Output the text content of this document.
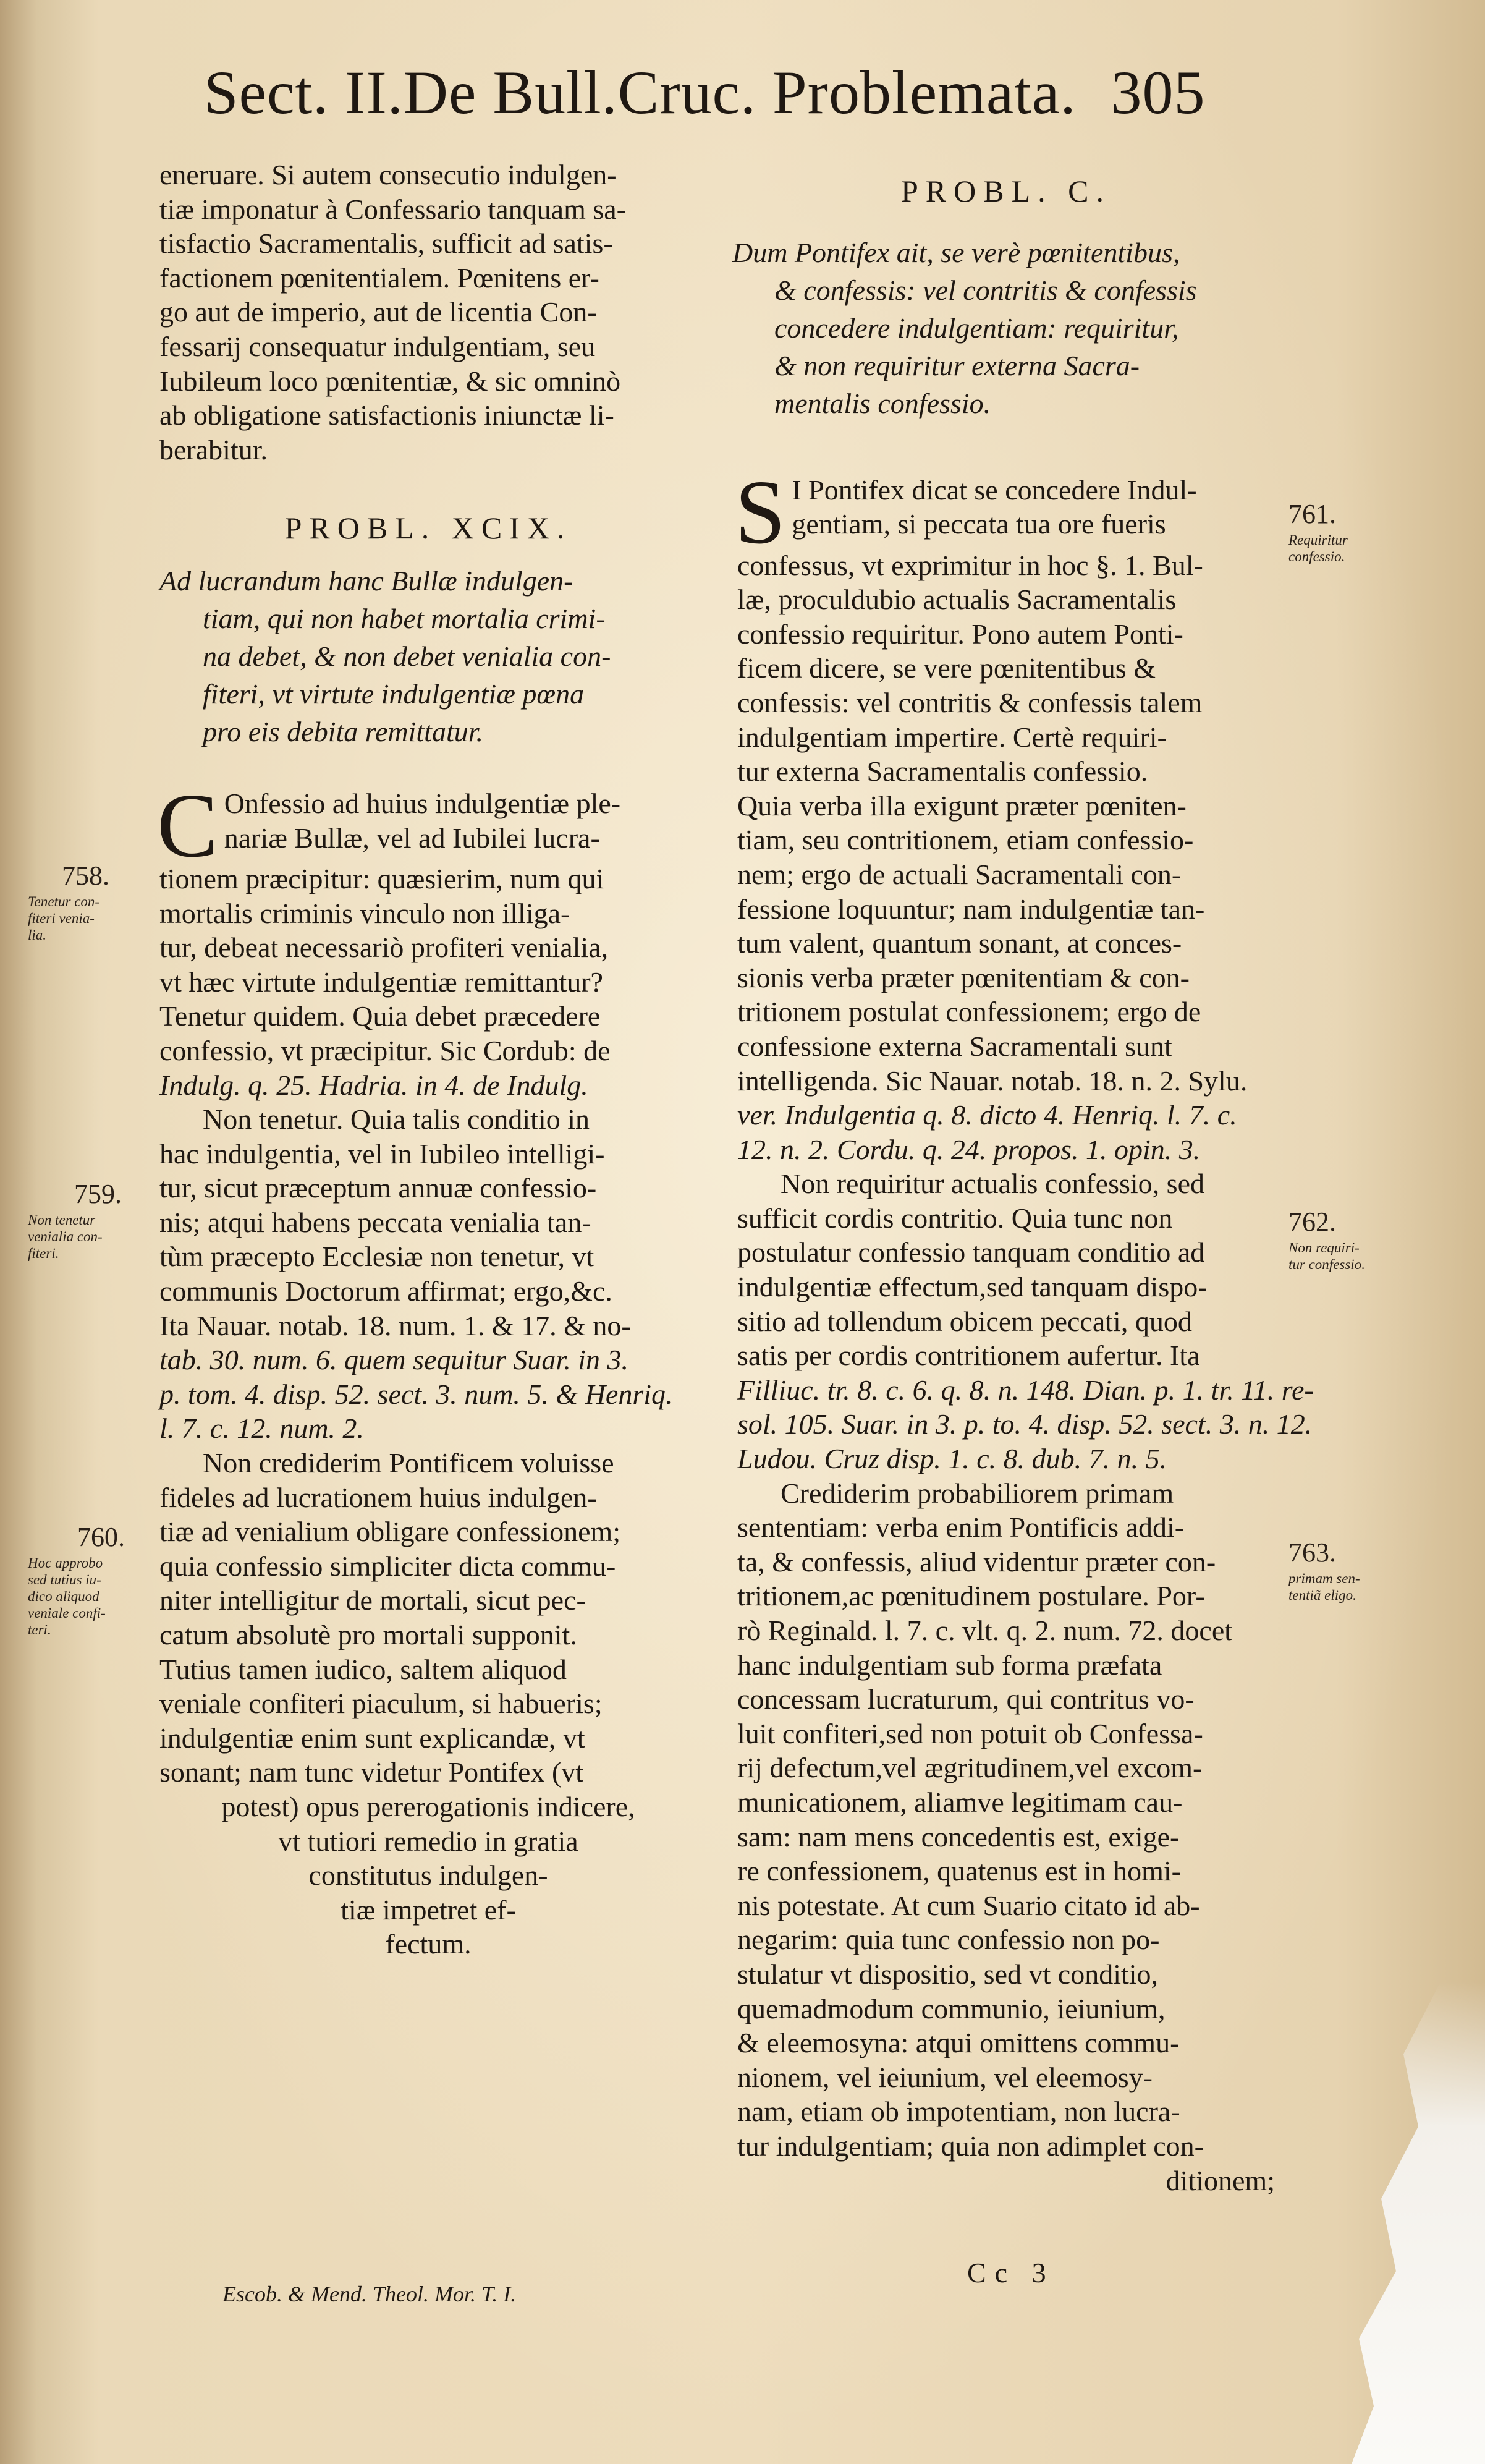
Sect. II.De Bull.Cruc. Problemata. 305
eneruare. Si autem consecutio indulgen-
tiæ imponatur à Confessario tanquam sa-
tisfactio Sacramentalis, sufficit ad satis-
factionem pœnitentialem. Pœnitens er-
go aut de imperio, aut de licentia Con-
fessarij consequatur indulgentiam, seu
Iubileum loco pœnitentiæ, & sic omninò
ab obligatione satisfactionis iniunctæ li-
berabitur.
PROBL. XCIX.
Ad lucrandum hanc Bullæ indulgen-
tiam, qui non habet mortalia crimi-
na debet, & non debet venialia con-
fiteri, vt virtute indulgentiæ pœna
pro eis debita remittatur.
C Onfessio ad huius indulgentiæ ple-
nariæ Bullæ, vel ad Iubilei lucra-
tionem præcipitur: quæsierim, num qui
mortalis criminis vinculo non illiga-
tur, debeat necessariò profiteri venialia,
vt hæc virtute indulgentiæ remittantur?
Tenetur quidem. Quia debet præcedere
confessio, vt præcipitur. Sic Cordub: de
Indulg. q. 25. Hadria. in 4. de Indulg.
Non tenetur. Quia talis conditio in
hac indulgentia, vel in Iubileo intelligi-
tur, sicut præceptum annuæ confessio-
nis; atqui habens peccata venialia tan-
tùm præcepto Ecclesiæ non tenetur, vt
communis Doctorum affirmat; ergo,&c.
Ita Nauar. notab. 18. num. 1. & 17. & no-
tab. 30. num. 6. quem sequitur Suar. in 3.
p. tom. 4. disp. 52. sect. 3. num. 5. & Henriq.
l. 7. c. 12. num. 2.
Non crediderim Pontificem voluisse
fideles ad lucrationem huius indulgen-
tiæ ad venialium obligare confessionem;
quia confessio simpliciter dicta commu-
niter intelligitur de mortali, sicut pec-
catum absolutè pro mortali supponit.
Tutius tamen iudico, saltem aliquod
veniale confiteri piaculum, si habueris;
indulgentiæ enim sunt explicandæ, vt
sonant; nam tunc videtur Pontifex (vt
potest) opus pererogationis indicere,
vt tutiori remedio in gratia
constitutus indulgen-
tiæ impetret ef-
fectum.
758.
Tenetur con-
fiteri venia-
lia.
759.
Non tenetur
venialia con-
fiteri.
760.
Hoc approbo
sed tutius iu-
dico aliquod
veniale confi-
teri.
PROBL. C.
Dum Pontifex ait, se verè pœnitentibus,
& confessis: vel contritis & confessis
concedere indulgentiam: requiritur,
& non requiritur externa Sacra-
mentalis confessio.
S I Pontifex dicat se concedere Indul-
gentiam, si peccata tua ore fueris
confessus, vt exprimitur in hoc §. 1. Bul-
læ, proculdubio actualis Sacramentalis
confessio requiritur. Pono autem Ponti-
ficem dicere, se vere pœnitentibus &
confessis: vel contritis & confessis talem
indulgentiam impertire. Certè requiri-
tur externa Sacramentalis confessio.
Quia verba illa exigunt præter pœniten-
tiam, seu contritionem, etiam confessio-
nem; ergo de actuali Sacramentali con-
fessione loquuntur; nam indulgentiæ tan-
tum valent, quantum sonant, at conces-
sionis verba præter pœnitentiam & con-
tritionem postulat confessionem; ergo de
confessione externa Sacramentali sunt
intelligenda. Sic Nauar. notab. 18. n. 2. Sylu.
ver. Indulgentia q. 8. dicto 4. Henriq. l. 7. c.
12. n. 2. Cordu. q. 24. propos. 1. opin. 3.
Non requiritur actualis confessio, sed
sufficit cordis contritio. Quia tunc non
postulatur confessio tanquam conditio ad
indulgentiæ effectum,sed tanquam dispo-
sitio ad tollendum obicem peccati, quod
satis per cordis contritionem aufertur. Ita
Filliuc. tr. 8. c. 6. q. 8. n. 148. Dian. p. 1. tr. 11. re-
sol. 105. Suar. in 3. p. to. 4. disp. 52. sect. 3. n. 12.
Ludou. Cruz disp. 1. c. 8. dub. 7. n. 5.
Crediderim probabiliorem primam
sententiam: verba enim Pontificis addi-
ta, & confessis, aliud videntur præter con-
tritionem,ac pœnitudinem postulare. Por-
rò Reginald. l. 7. c. vlt. q. 2. num. 72. docet
hanc indulgentiam sub forma præfata
concessam lucraturum, qui contritus vo-
luit confiteri,sed non potuit ob Confessa-
rij defectum,vel ægritudinem,vel excom-
municationem, aliamve legitimam cau-
sam: nam mens concedentis est, exige-
re confessionem, quatenus est in homi-
nis potestate. At cum Suario citato id ab-
negarim: quia tunc confessio non po-
stulatur vt dispositio, sed vt conditio,
quemadmodum communio, ieiunium,
& eleemosyna: atqui omittens commu-
nionem, vel ieiunium, vel eleemosy-
nam, etiam ob impotentiam, non lucra-
tur indulgentiam; quia non adimplet con-
ditionem;
761.
Requiritur
confessio.
762.
Non requiri-
tur confessio.
763.
primam sen-
tentiã eligo.
Escob. & Mend. Theol. Mor. T. I.
Cc 3
